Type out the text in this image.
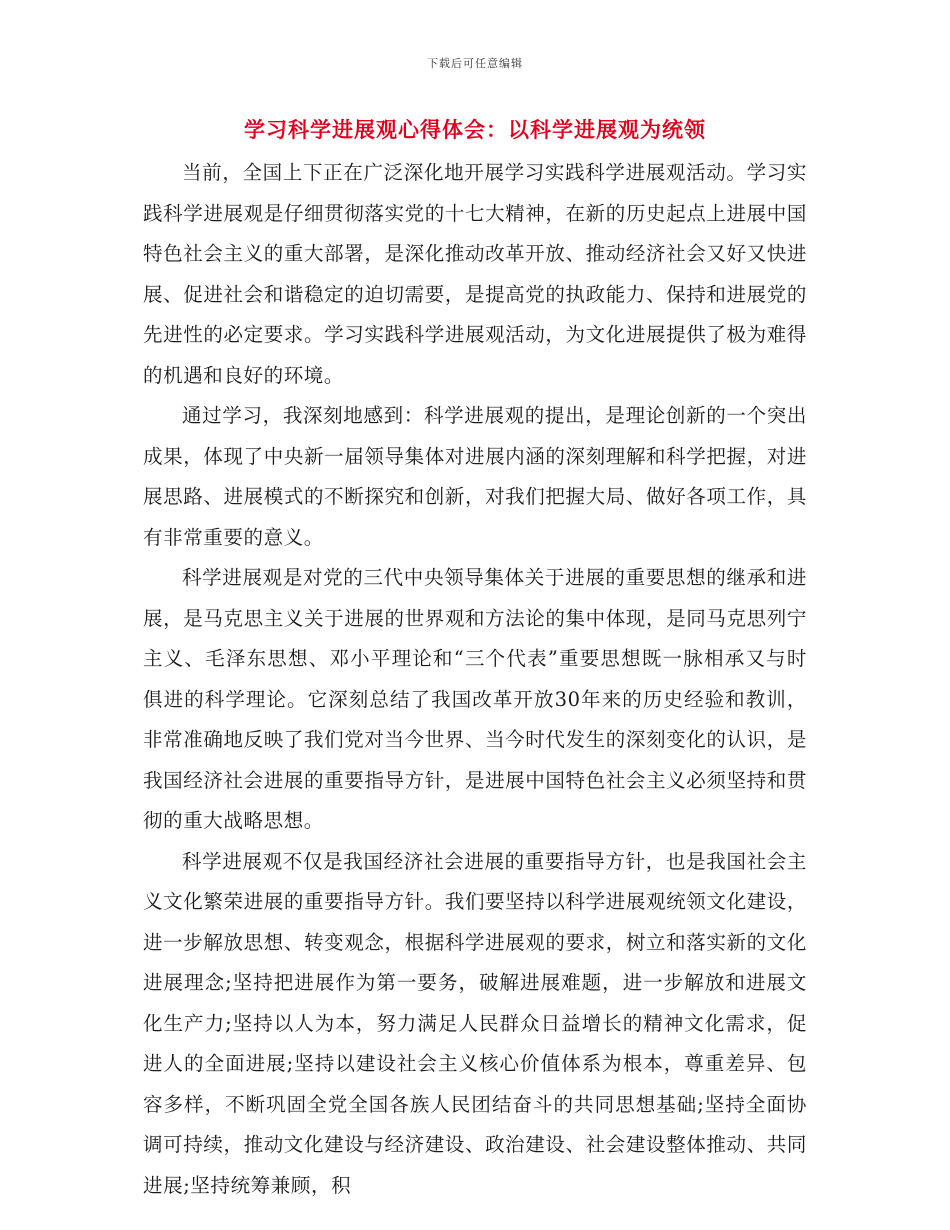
下载后可任意编辑
学习科学进展观心得体会：以科学进展观为统领

当前，全国上下正在广泛深化地开展学习实践科学进展观活动。学习实践科学进展观是仔细贯彻落实党的十七大精神，在新的历史起点上进展中国特色社会主义的重大部署，是深化推动改革开放、推动经济社会又好又快进展、促进社会和谐稳定的迫切需要，是提高党的执政能力、保持和进展党的先进性的必定要求。学习实践科学进展观活动，为文化进展提供了极为难得的机遇和良好的环境。

通过学习，我深刻地感到：科学进展观的提出，是理论创新的一个突出成果，体现了中央新一届领导集体对进展内涵的深刻理解和科学把握，对进展思路、进展模式的不断探究和创新，对我们把握大局、做好各项工作，具有非常重要的意义。

科学进展观是对党的三代中央领导集体关于进展的重要思想的继承和进展，是马克思主义关于进展的世界观和方法论的集中体现，是同马克思列宁主义、毛泽东思想、邓小平理论和“三个代表”重要思想既一脉相承又与时俱进的科学理论。它深刻总结了我国改革开放30年来的历史经验和教训，非常准确地反映了我们党对当今世界、当今时代发生的深刻变化的认识，是我国经济社会进展的重要指导方针，是进展中国特色社会主义必须坚持和贯彻的重大战略思想。

科学进展观不仅是我国经济社会进展的重要指导方针，也是我国社会主义文化繁荣进展的重要指导方针。我们要坚持以科学进展观统领文化建设，进一步解放思想、转变观念，根据科学进展观的要求，树立和落实新的文化进展理念;坚持把进展作为第一要务，破解进展难题，进一步解放和进展文化生产力;坚持以人为本，努力满足人民群众日益增长的精神文化需求，促进人的全面进展;坚持以建设社会主义核心价值体系为根本，尊重差异、包容多样，不断巩固全党全国各族人民团结奋斗的共同思想基础;坚持全面协调可持续，推动文化建设与经济建设、政治建设、社会建设整体推动、共同进展;坚持统筹兼顾，积
